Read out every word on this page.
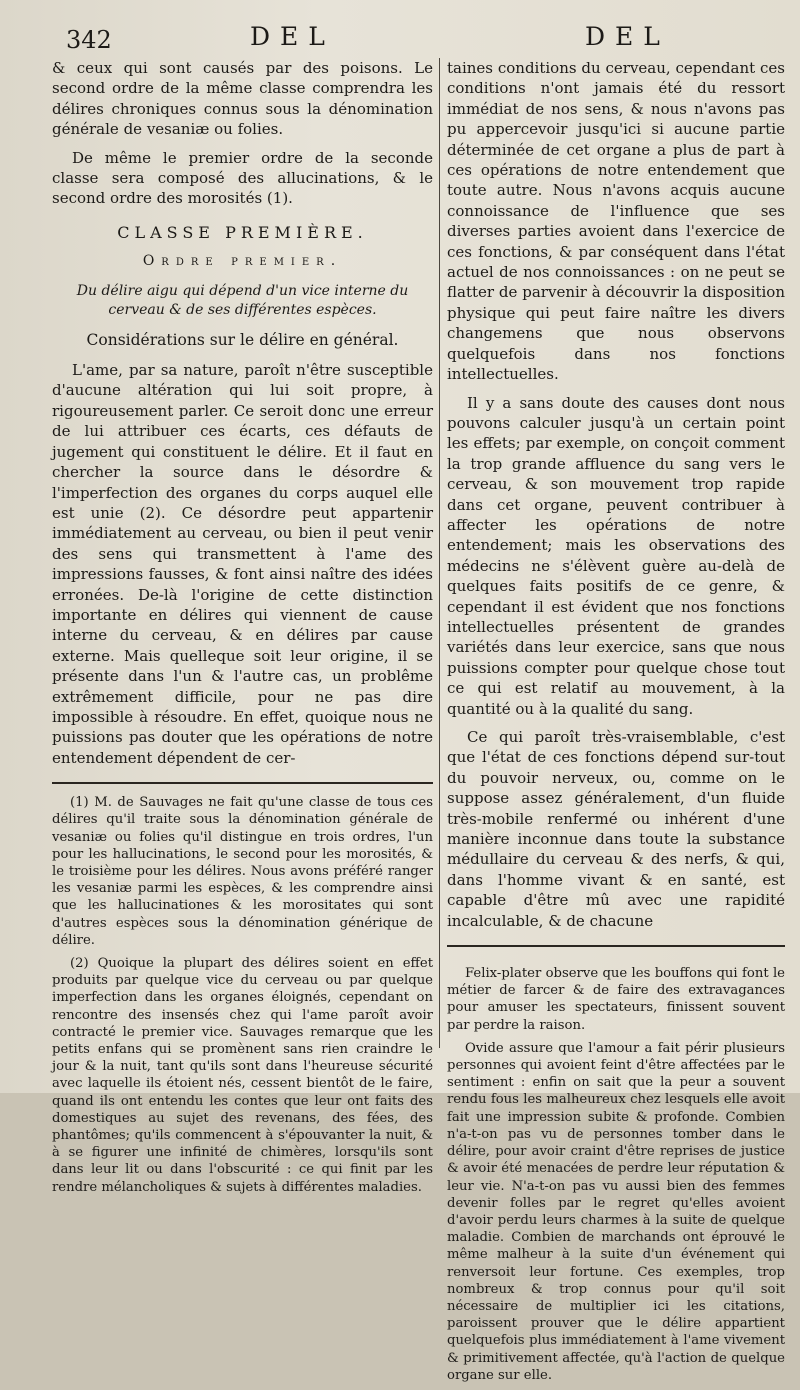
342	DEL	DEL

& ceux qui sont causés par des poisons. Le second ordre de la même classe comprendra les délires chroniques connus sous la dénomination générale de vesaniæ ou folies.

De même le premier ordre de la seconde classe sera composé des allucinations, & le second ordre des morosités (1).

CLASSE PREMIÈRE.
Ordre premier.
Du délire aigu qui dépend d'un vice interne du cerveau & de ses différentes espèces.
Considérations sur le délire en général.

L'ame, par sa nature, paroît n'être susceptible d'aucune altération qui lui soit propre, à rigoureusement parler. Ce seroit donc une erreur de lui attribuer ces écarts, ces défauts de jugement qui constituent le délire. Et il faut en chercher la source dans le désordre & l'imperfection des organes du corps auquel elle est unie (2). Ce désordre peut appartenir immédiatement au cerveau, ou bien il peut venir des sens qui transmettent à l'ame des impressions fausses, & font ainsi naître des idées erronées. De-là l'origine de cette distinction importante en délires qui viennent de cause interne du cerveau, & en délires par cause externe. Mais quelleque soit leur origine, il se présente dans l'un & l'autre cas, un problême extrêmement difficile, pour ne pas dire impossible à résoudre. En effet, quoique nous ne puissions pas douter que les opérations de notre entendement dépendent de cer-

(1) M. de Sauvages ne fait qu'une classe de tous ces délires qu'il traite sous la dénomination générale de vesaniæ ou folies qu'il distingue en trois ordres, l'un pour les hallucinations, le second pour les morosités, & le troisième pour les délires. Nous avons préféré ranger les vesaniæ parmi les espèces, & les comprendre ainsi que les hallucinationes & les morositates qui sont d'autres espèces sous la dénomination générique de délire.

(2) Quoique la plupart des délires soient en effet produits par quelque vice du cerveau ou par quelque imperfection dans les organes éloignés, cependant on rencontre des insensés chez qui l'ame paroît avoir contracté le premier vice. Sauvages remarque que les petits enfans qui se promènent sans rien craindre le jour & la nuit, tant qu'ils sont dans l'heureuse sécurité avec laquelle ils étoient nés, cessent bientôt de le faire, quand ils ont entendu les contes que leur ont faits des domestiques au sujet des revenans, des fées, des phantômes; qu'ils commencent à s'épouvanter la nuit, & à se figurer une infinité de chimères, lorsqu'ils sont dans leur lit ou dans l'obscurité : ce qui finit par les rendre mélancholiques & sujets à différentes maladies.

taines conditions du cerveau, cependant ces conditions n'ont jamais été du ressort immédiat de nos sens, & nous n'avons pas pu appercevoir jusqu'ici si aucune partie déterminée de cet organe a plus de part à ces opérations de notre entendement que toute autre. Nous n'avons acquis aucune connoissance de l'influence que ses diverses parties avoient dans l'exercice de ces fonctions, & par conséquent dans l'état actuel de nos connoissances : on ne peut se flatter de parvenir à découvrir la disposition physique qui peut faire naître les divers changemens que nous observons quelquefois dans nos fonctions intellectuelles.

Il y a sans doute des causes dont nous pouvons calculer jusqu'à un certain point les effets; par exemple, on conçoit comment la trop grande affluence du sang vers le cerveau, & son mouvement trop rapide dans cet organe, peuvent contribuer à affecter les opérations de notre entendement; mais les observations des médecins ne s'élèvent guère au-delà de quelques faits positifs de ce genre, & cependant il est évident que nos fonctions intellectuelles présentent de grandes variétés dans leur exercice, sans que nous puissions compter pour quelque chose tout ce qui est relatif au mouvement, à la quantité ou à la qualité du sang.

Ce qui paroît très-vraisemblable, c'est que l'état de ces fonctions dépend sur-tout du pouvoir nerveux, ou, comme on le suppose assez généralement, d'un fluide très-mobile renfermé ou inhérent d'une manière inconnue dans toute la substance médullaire du cerveau & des nerfs, & qui, dans l'homme vivant & en santé, est capable d'être mû avec une rapidité incalculable, & de chacune

Felix-plater observe que les bouffons qui font le métier de farcer & de faire des extravagances pour amuser les spectateurs, finissent souvent par perdre la raison.

Ovide assure que l'amour a fait périr plusieurs personnes qui avoient feint d'être affectées par le sentiment : enfin on sait que la peur a souvent rendu fous les malheureux chez lesquels elle avoit fait une impression subite & profonde. Combien n'a-t-on pas vu de personnes tomber dans le délire, pour avoir craint d'être reprises de justice & avoir été menacées de perdre leur réputation & leur vie. N'a-t-on pas vu aussi bien des femmes devenir folles par le regret qu'elles avoient d'avoir perdu leurs charmes à la suite de quelque maladie. Combien de marchands ont éprouvé le même malheur à la suite d'un événement qui renversoit leur fortune. Ces exemples, trop nombreux & trop connus pour qu'il soit nécessaire de multiplier ici les citations, paroissent prouver que le délire appartient quelquefois plus immédiatement à l'ame vivement & primitivement affectée, qu'à l'action de quelque organe sur elle.
